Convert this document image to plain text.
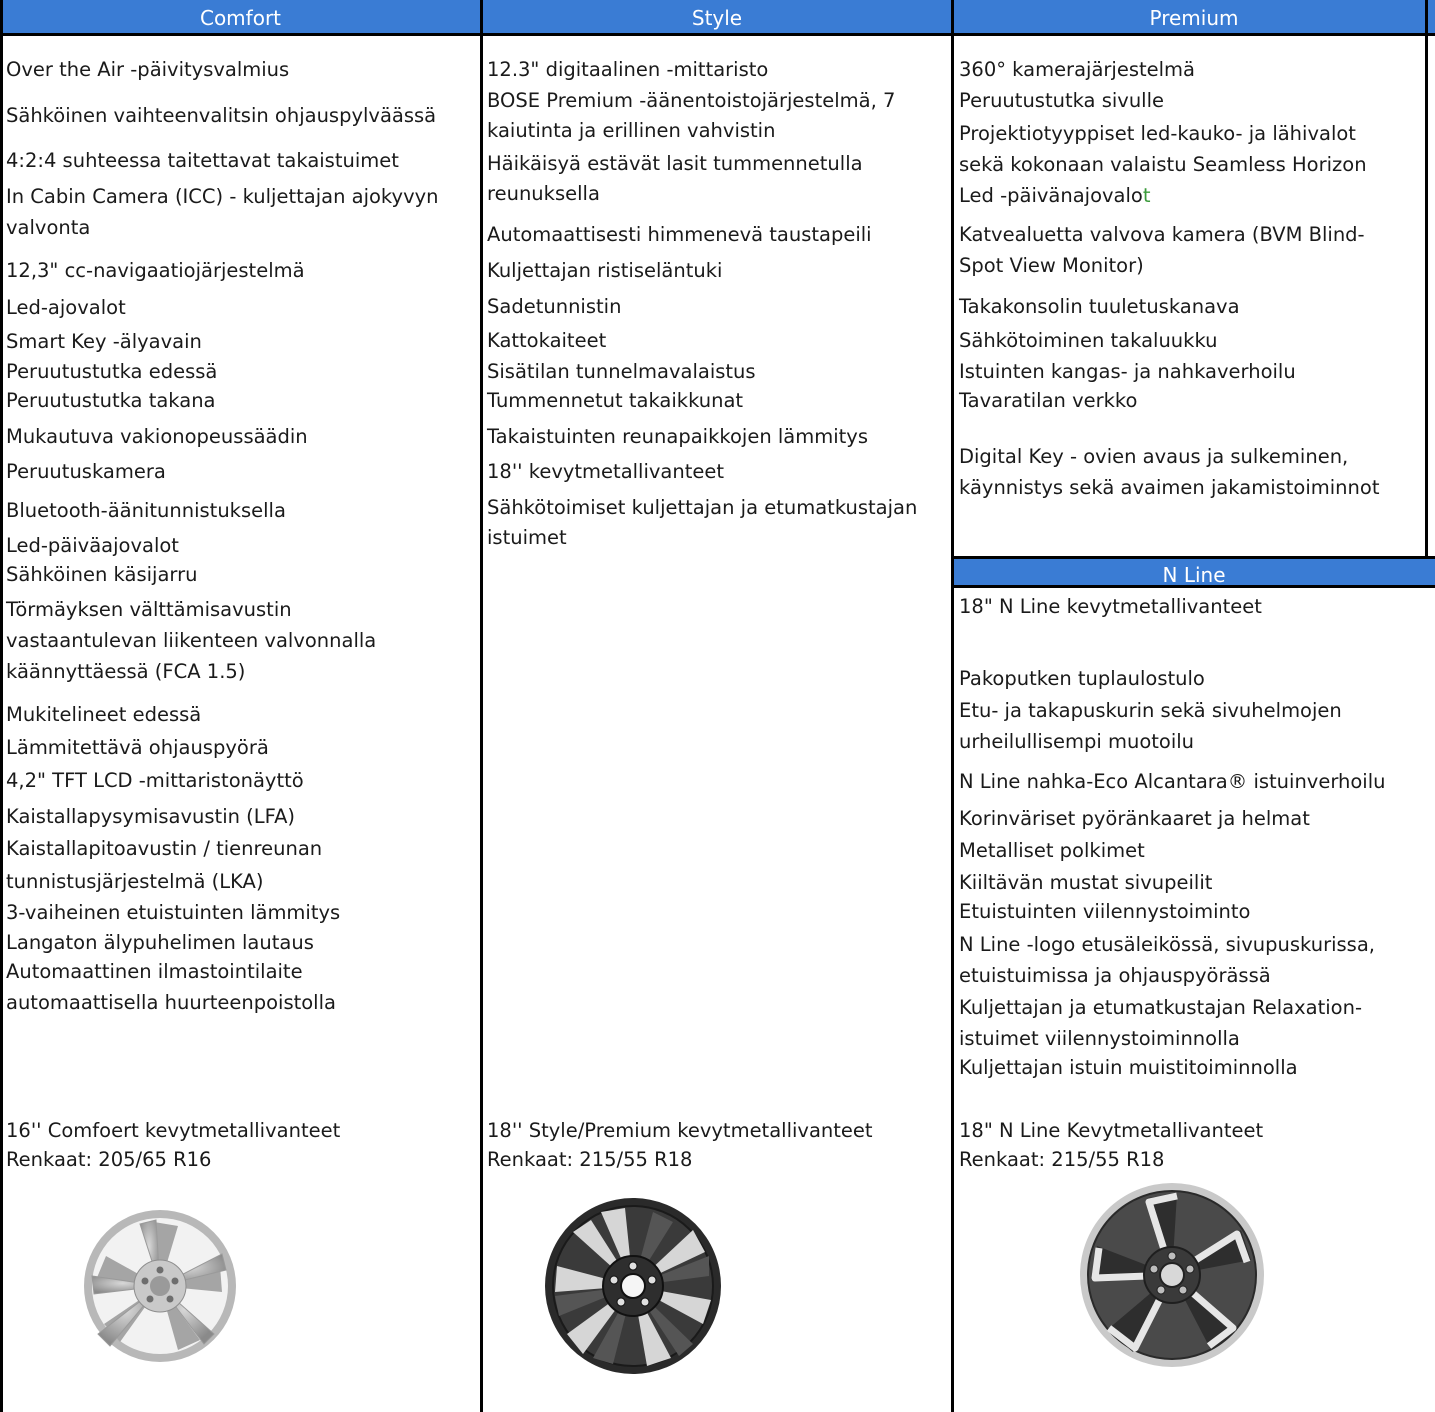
Comfort
Over the Air -päivitysvalmius
Sähköinen vaihteenvalitsin ohjauspylväässä
4:2:4 suhteessa taitettavat takaistuimet
In Cabin Camera (ICC) - kuljettajan ajokyvyn
valvonta
12,3" cc-navigaatiojärjestelmä
Led-ajovalot
Smart Key -älyavain
Peruutustutka edessä
Peruutustutka takana
Mukautuva vakionopeussäädin
Peruutuskamera
Bluetooth-äänitunnistuksella
Led-päiväajovalot
Sähköinen käsijarru
Törmäyksen välttämisavustin
vastaantulevan liikenteen valvonnalla
käännyttäessä (FCA 1.5)
Mukitelineet edessä
Lämmitettävä ohjauspyörä
4,2" TFT LCD -mittaristonäyttö
Kaistallapysymisavustin (LFA)
Kaistallapitoavustin / tienreunan
tunnistusjärjestelmä (LKA)
3-vaiheinen etuistuinten lämmitys
Langaton älypuhelimen lautaus
Automaattinen ilmastointilaite
automaattisella huurteenpoistolla
16'' Comfoert kevytmetallivanteet
Renkaat: 205/65 R16
Style
12.3" digitaalinen -mittaristo
BOSE Premium -äänentoistojärjestelmä, 7
kaiutinta ja erillinen vahvistin
Häikäisyä estävät lasit tummennetulla
reunuksella
Automaattisesti himmenevä taustapeili
Kuljettajan ristiseläntuki
Sadetunnistin
Kattokaiteet
Sisätilan tunnelmavalaistus
Tummennetut takaikkunat
Takaistuinten reunapaikkojen lämmitys
18'' kevytmetallivanteet
Sähkötoimiset kuljettajan ja etumatkustajan
istuimet
18'' Style/Premium kevytmetallivanteet
Renkaat: 215/55 R18
Premium
360° kamerajärjestelmä
Peruutustutka sivulle
Projektiotyyppiset led-kauko- ja lähivalot
sekä kokonaan valaistu Seamless Horizon
Led -päivänajovalot
Katvealuetta valvova kamera (BVM Blind-
Spot View Monitor)
Takakonsolin tuuletuskanava
Sähkötoiminen takaluukku
Istuinten kangas- ja nahkaverhoilu
Tavaratilan verkko
Digital Key - ovien avaus ja sulkeminen,
käynnistys sekä avaimen jakamistoiminnot
N Line
18" N Line kevytmetallivanteet
Pakoputken tuplaulostulo
Etu- ja takapuskurin sekä sivuhelmojen
urheilullisempi muotoilu
N Line nahka-Eco Alcantara® istuinverhoilu
Korinväriset pyöränkaaret ja helmat
Metalliset polkimet
Kiiltävän mustat sivupeilit
Etuistuinten viilennystoiminto
N Line -logo etusäleikössä, sivupuskurissa,
etuistuimissa ja ohjauspyörässä
Kuljettajan ja etumatkustajan Relaxation-
istuimet viilennystoiminnolla
Kuljettajan istuin muistitoiminnolla
18" N Line Kevytmetallivanteet
Renkaat: 215/55 R18
